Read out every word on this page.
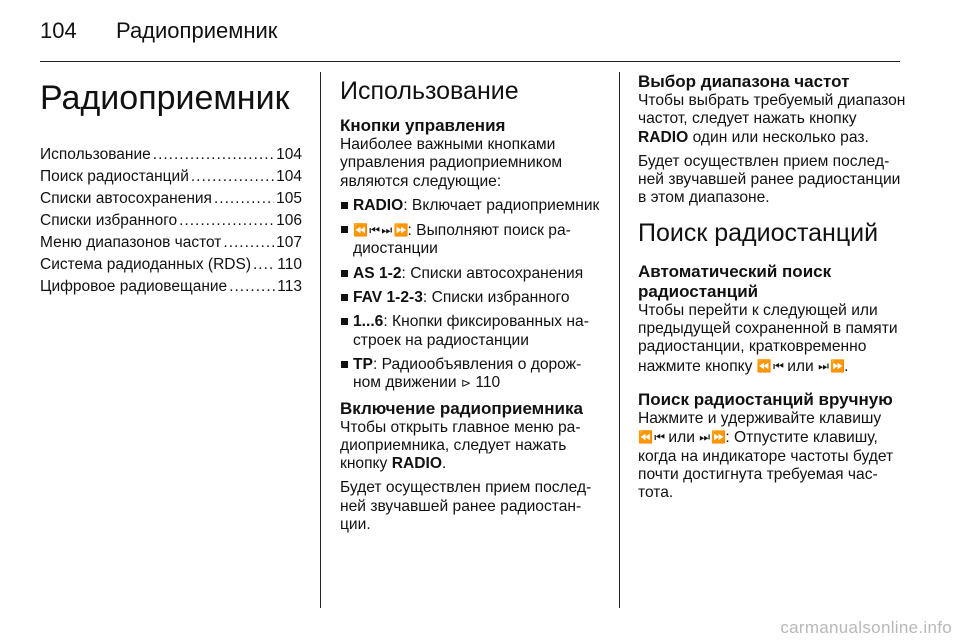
104 Радиоприемник
Радиоприемник
Использование .....	104
Поиск радиостанций .....	104
Списки автосохранения .....	105
Списки избранного .....	106
Меню диапазонов частот .....	107
Система радиоданных (RDS) ..... 110
Цифровое радиовещание .....	113
Использование
Кнопки управления

Наиболее важными кнопками управления радиоприемником являются следующие:

RADIO: Включает радиоприемник
⏪ ⏮ ⏭ ⏩: Выполняют поиск радиостанции
AS 1-2: Списки автосохранения
FAV 1-2-3: Списки избранного
1...6: Кнопки фиксированных настроек на радиостанции
TP: Радиообъявления о дорожном движении ⊳ 110
Включение радиоприемника

Чтобы открыть главное меню радиоприемника, следует нажать кнопку RADIO.

Будет осуществлен прием последней звучавшей ранее радиостанции.

Выбор диапазона частот

Чтобы выбрать требуемый диапазон частот, следует нажать кнопку RADIO один или несколько раз.

Будет осуществлен прием последней звучавшей ранее радиостанции в этом диапазоне.

Поиск радиостанций
Автоматический поиск радиостанций

Чтобы перейти к следующей или предыдущей сохраненной в памяти радиостанции, кратковременно нажмите кнопку ⏪ ⏮ или ⏭ ⏩.

Поиск радиостанций вручную

Нажмите и удерживайте клавишу ⏪ ⏮ или ⏭ ⏩: Отпустите клавишу, когда на индикаторе частоты будет почти достигнута требуемая частота.

carmanualsonline.info
